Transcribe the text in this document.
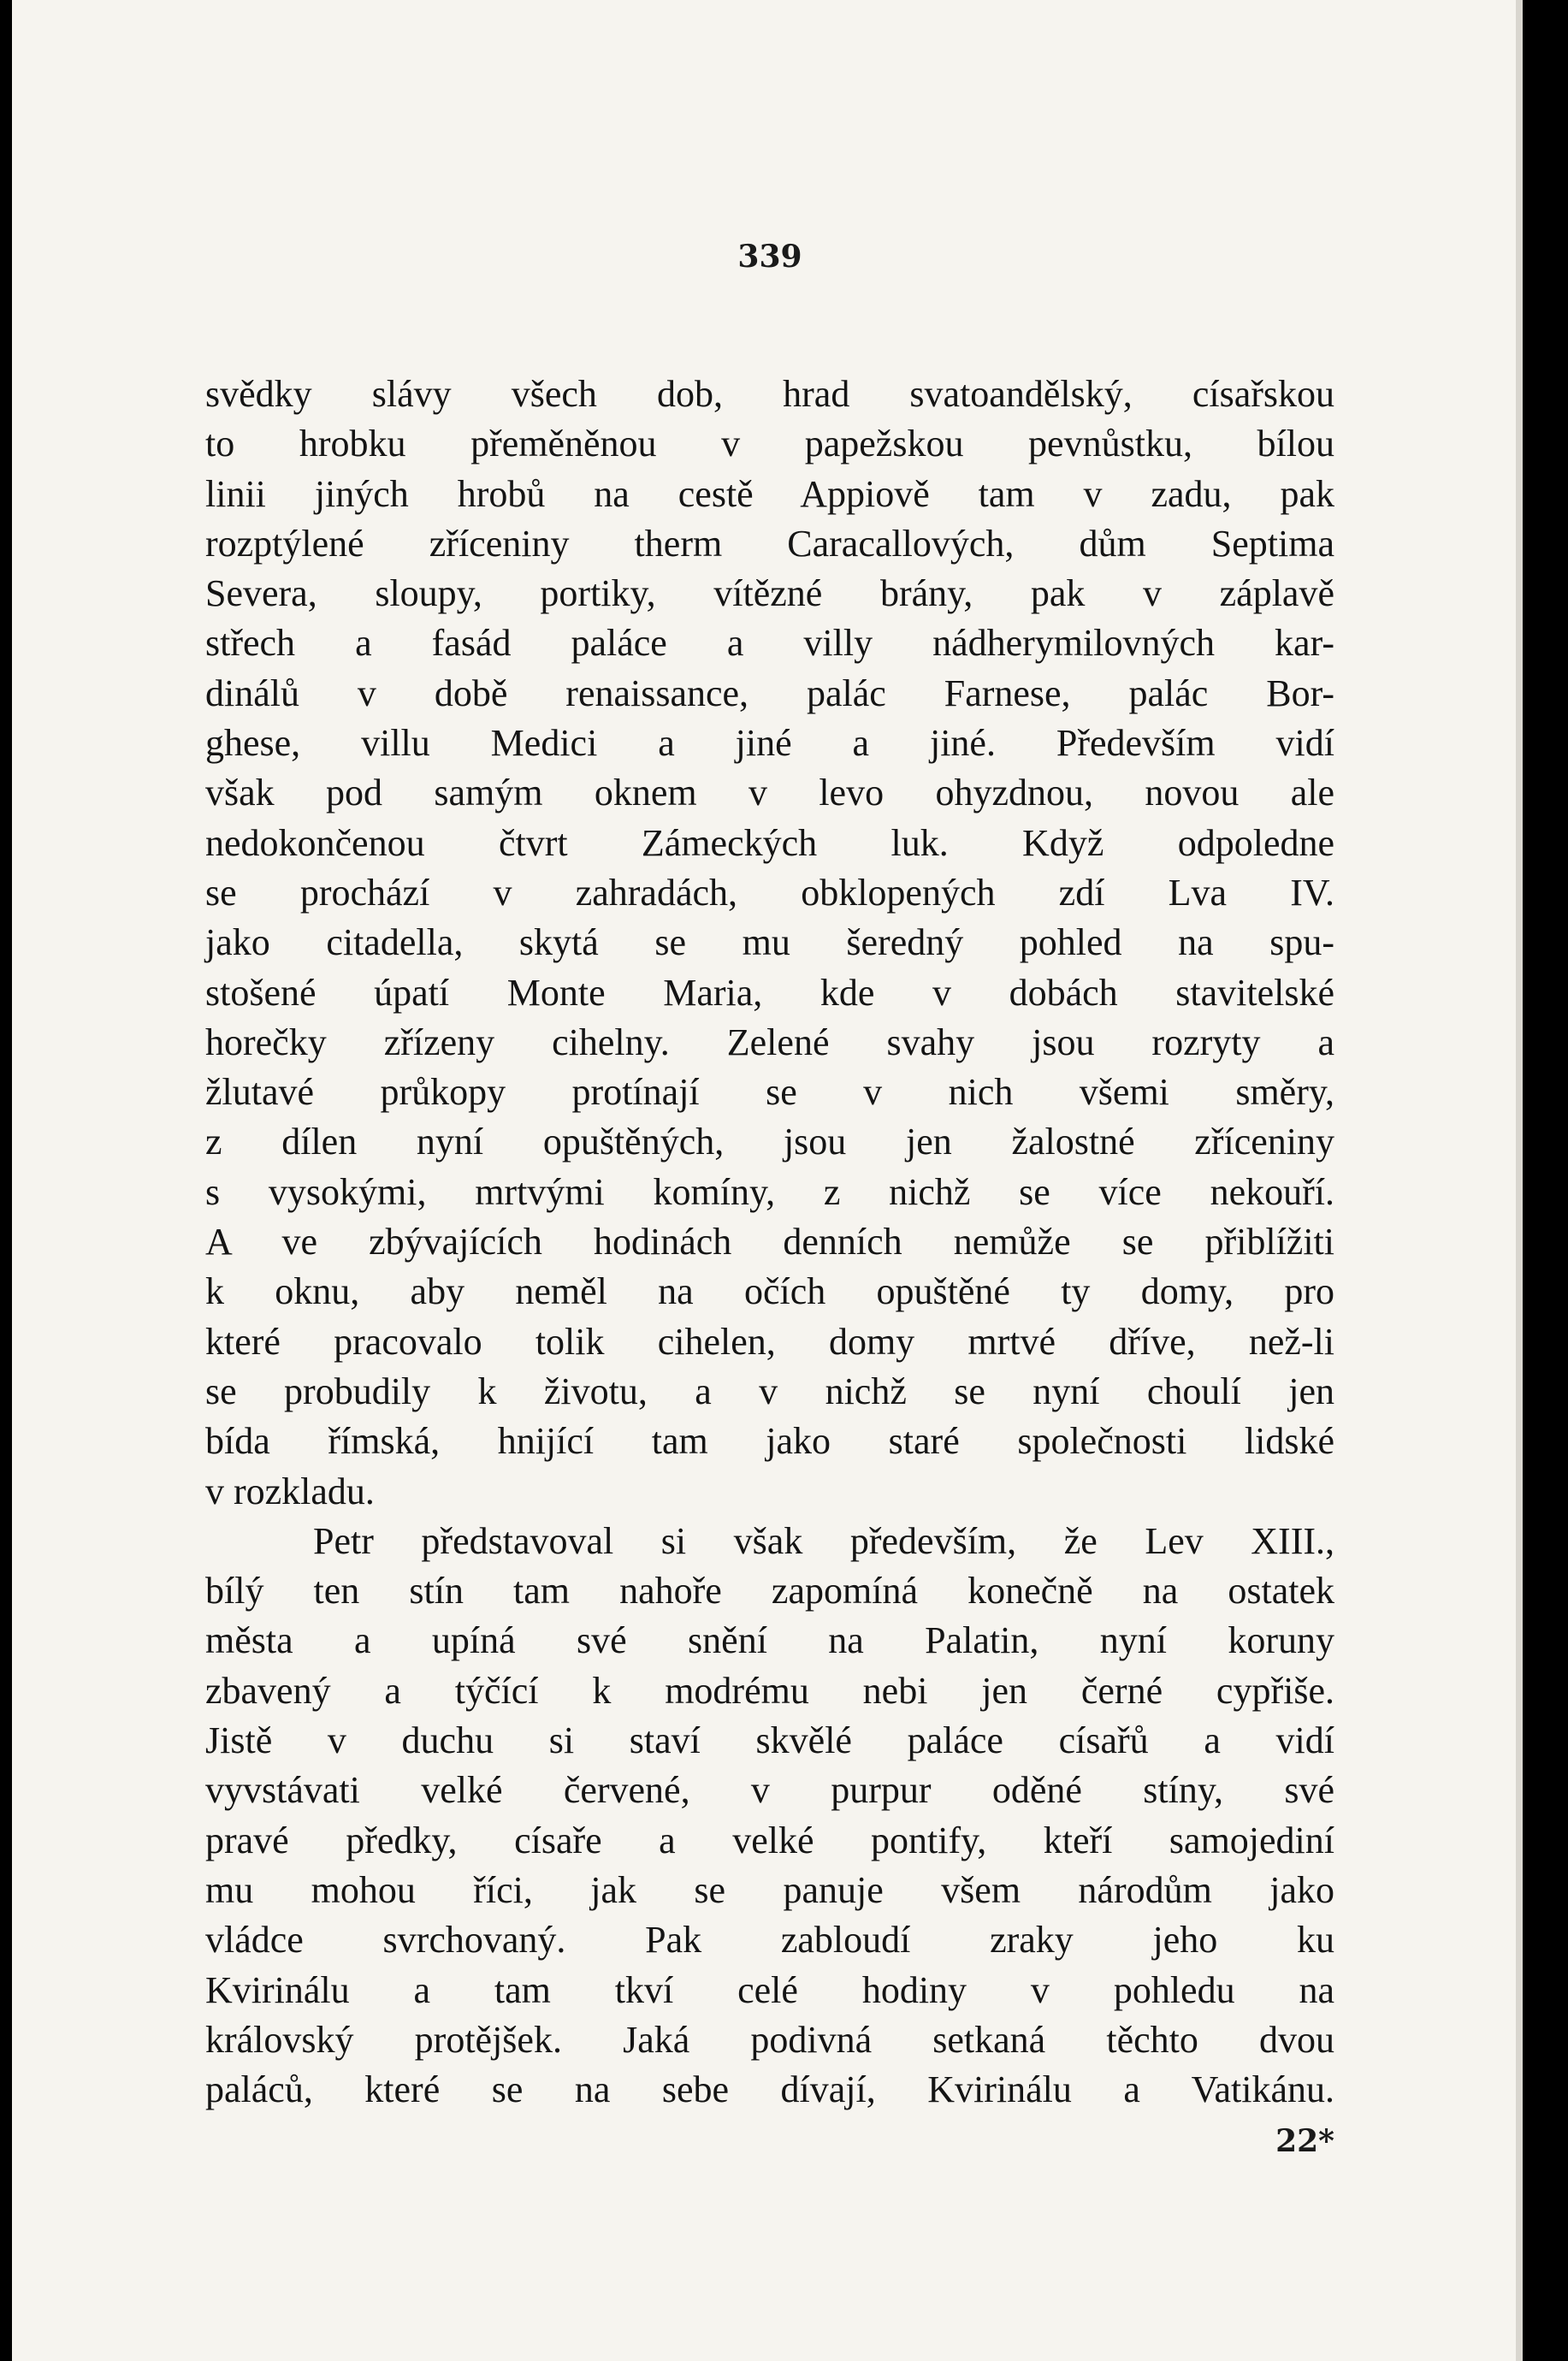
339
svědky slávy všech dob, hrad svatoandělský, císařskou
to hrobku přeměněnou v papežskou pevnůstku, bílou
linii jiných hrobů na cestě Appiově tam v zadu, pak
rozptýlené zříceniny therm Caracallových, dům Septima
Severa, sloupy, portiky, vítězné brány, pak v záplavě
střech a fasád paláce a villy nádherymilovných kar-
dinálů v době renaissance, palác Farnese, palác Bor-
ghese, villu Medici a jiné a jiné. Především vidí
však pod samým oknem v levo ohyzdnou, novou ale
nedokončenou čtvrt Zámeckých luk. Když odpoledne
se prochází v zahradách, obklopených zdí Lva IV.
jako citadella, skytá se mu šeredný pohled na spu-
stošené úpatí Monte Maria, kde v dobách stavitelské
horečky zřízeny cihelny. Zelené svahy jsou rozryty a
žlutavé průkopy protínají se v nich všemi směry,
z dílen nyní opuštěných, jsou jen žalostné zříceniny
s vysokými, mrtvými komíny, z nichž se více nekouří.
A ve zbývajících hodinách denních nemůže se přiblížiti
k oknu, aby neměl na očích opuštěné ty domy, pro
které pracovalo tolik cihelen, domy mrtvé dříve, než-li
se probudily k životu, a v nichž se nyní choulí jen
bída římská, hnijící tam jako staré společnosti lidské
v rozkladu.
Petr představoval si však především, že Lev XIII.,
bílý ten stín tam nahoře zapomíná konečně na ostatek
města a upíná své snění na Palatin, nyní koruny
zbavený a týčící k modrému nebi jen černé cypřiše.
Jistě v duchu si staví skvělé paláce císařů a vidí
vyvstávati velké červené, v purpur oděné stíny, své
pravé předky, císaře a velké pontify, kteří samojediní
mu mohou říci, jak se panuje všem národům jako
vládce svrchovaný. Pak zabloudí zraky jeho ku
Kvirinálu a tam tkví celé hodiny v pohledu na
královský protějšek. Jaká podivná setkaná těchto dvou
paláců, které se na sebe dívají, Kvirinálu a Vatikánu.
22*
